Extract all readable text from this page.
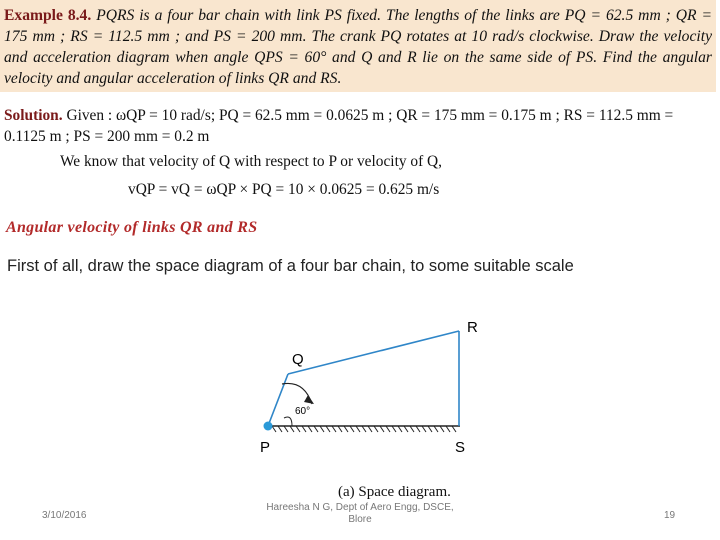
Example 8.4. PQRS is a four bar chain with link PS fixed. The lengths of the links are PQ = 62.5 mm ; QR = 175 mm ; RS = 112.5 mm ; and PS = 200 mm. The crank PQ rotates at 10 rad/s clockwise. Draw the velocity and acceleration diagram when angle QPS = 60° and Q and R lie on the same side of PS. Find the angular velocity and angular acceleration of links QR and RS.
Solution. Given : ωQP = 10 rad/s; PQ = 62.5 mm = 0.0625 m ; QR = 175 mm = 0.175 m ; RS = 112.5 mm = 0.1125 m ; PS = 200 mm = 0.2 m
We know that velocity of Q with respect to P or velocity of Q,
vQP = vQ = ωQP × PQ = 10 × 0.0625 = 0.625 m/s
Angular velocity of links QR and RS
First of all, draw the space diagram of a four bar chain, to some suitable scale
P
Q
R
S
60°
(a) Space diagram.
3/10/2016
Hareesha N G, Dept of Aero Engg, DSCE, Blore	19
